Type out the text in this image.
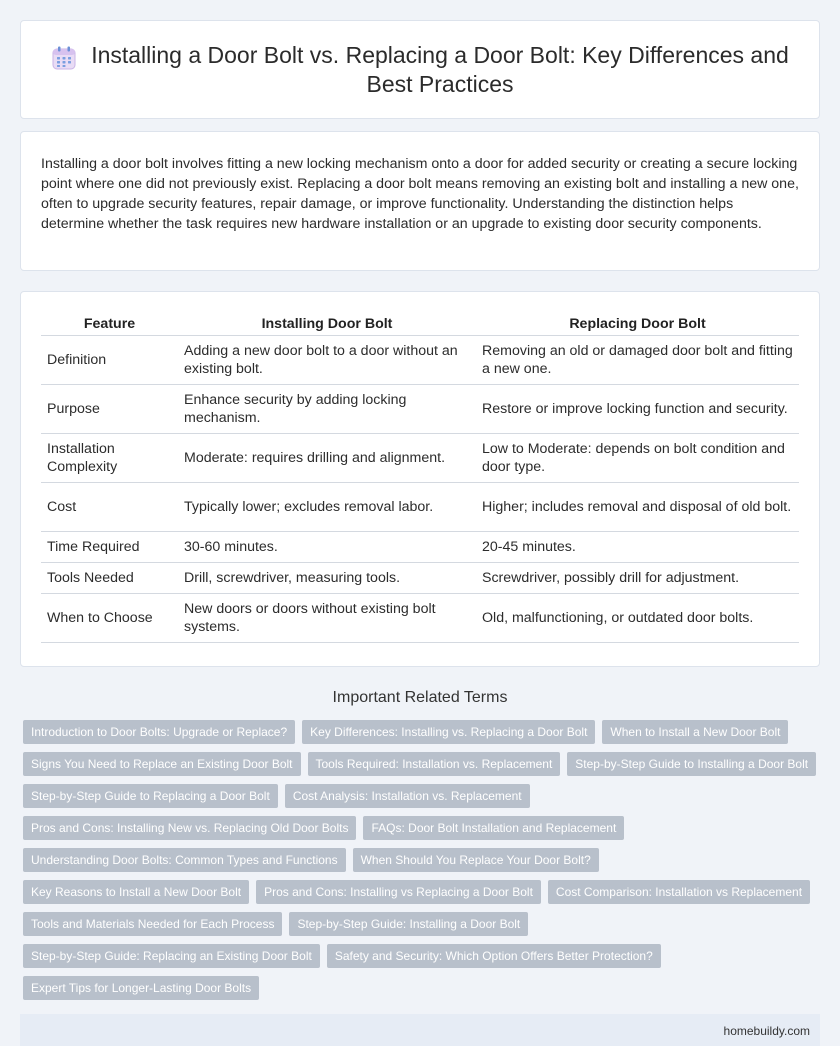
Installing a Door Bolt vs. Replacing a Door Bolt: Key Differences and Best Practices

Installing a door bolt involves fitting a new locking mechanism onto a door for added security or creating a secure locking point where one did not previously exist. Replacing a door bolt means removing an existing bolt and installing a new one, often to upgrade security features, repair damage, or improve functionality. Understanding the distinction helps determine whether the task requires new hardware installation or an upgrade to existing door security components.

Feature	Installing Door Bolt	Replacing Door Bolt
Definition	Adding a new door bolt to a door without an existing bolt.	Removing an old or damaged door bolt and fitting a new one.
Purpose	Enhance security by adding locking mechanism.	Restore or improve locking function and security.
Installation Complexity	Moderate: requires drilling and alignment.	Low to Moderate: depends on bolt condition and door type.
Cost	Typically lower; excludes removal labor.	Higher; includes removal and disposal of old bolt.
Time Required	30-60 minutes.	20-45 minutes.
Tools Needed	Drill, screwdriver, measuring tools.	Screwdriver, possibly drill for adjustment.
When to Choose	New doors or doors without existing bolt systems.	Old, malfunctioning, or outdated door bolts.
Important Related Terms
Introduction to Door Bolts: Upgrade or Replace?	Key Differences: Installing vs. Replacing a Door Bolt	When to Install a New Door Bolt
Signs You Need to Replace an Existing Door Bolt	Tools Required: Installation vs. Replacement	Step-by-Step Guide to Installing a Door Bolt
Step-by-Step Guide to Replacing a Door Bolt	Cost Analysis: Installation vs. Replacement
Pros and Cons: Installing New vs. Replacing Old Door Bolts	FAQs: Door Bolt Installation and Replacement
Understanding Door Bolts: Common Types and Functions	When Should You Replace Your Door Bolt?
Key Reasons to Install a New Door Bolt	Pros and Cons: Installing vs Replacing a Door Bolt	Cost Comparison: Installation vs Replacement
Tools and Materials Needed for Each Process	Step-by-Step Guide: Installing a Door Bolt
Step-by-Step Guide: Replacing an Existing Door Bolt	Safety and Security: Which Option Offers Better Protection?
Expert Tips for Longer-Lasting Door Bolts
homebuildy.com
